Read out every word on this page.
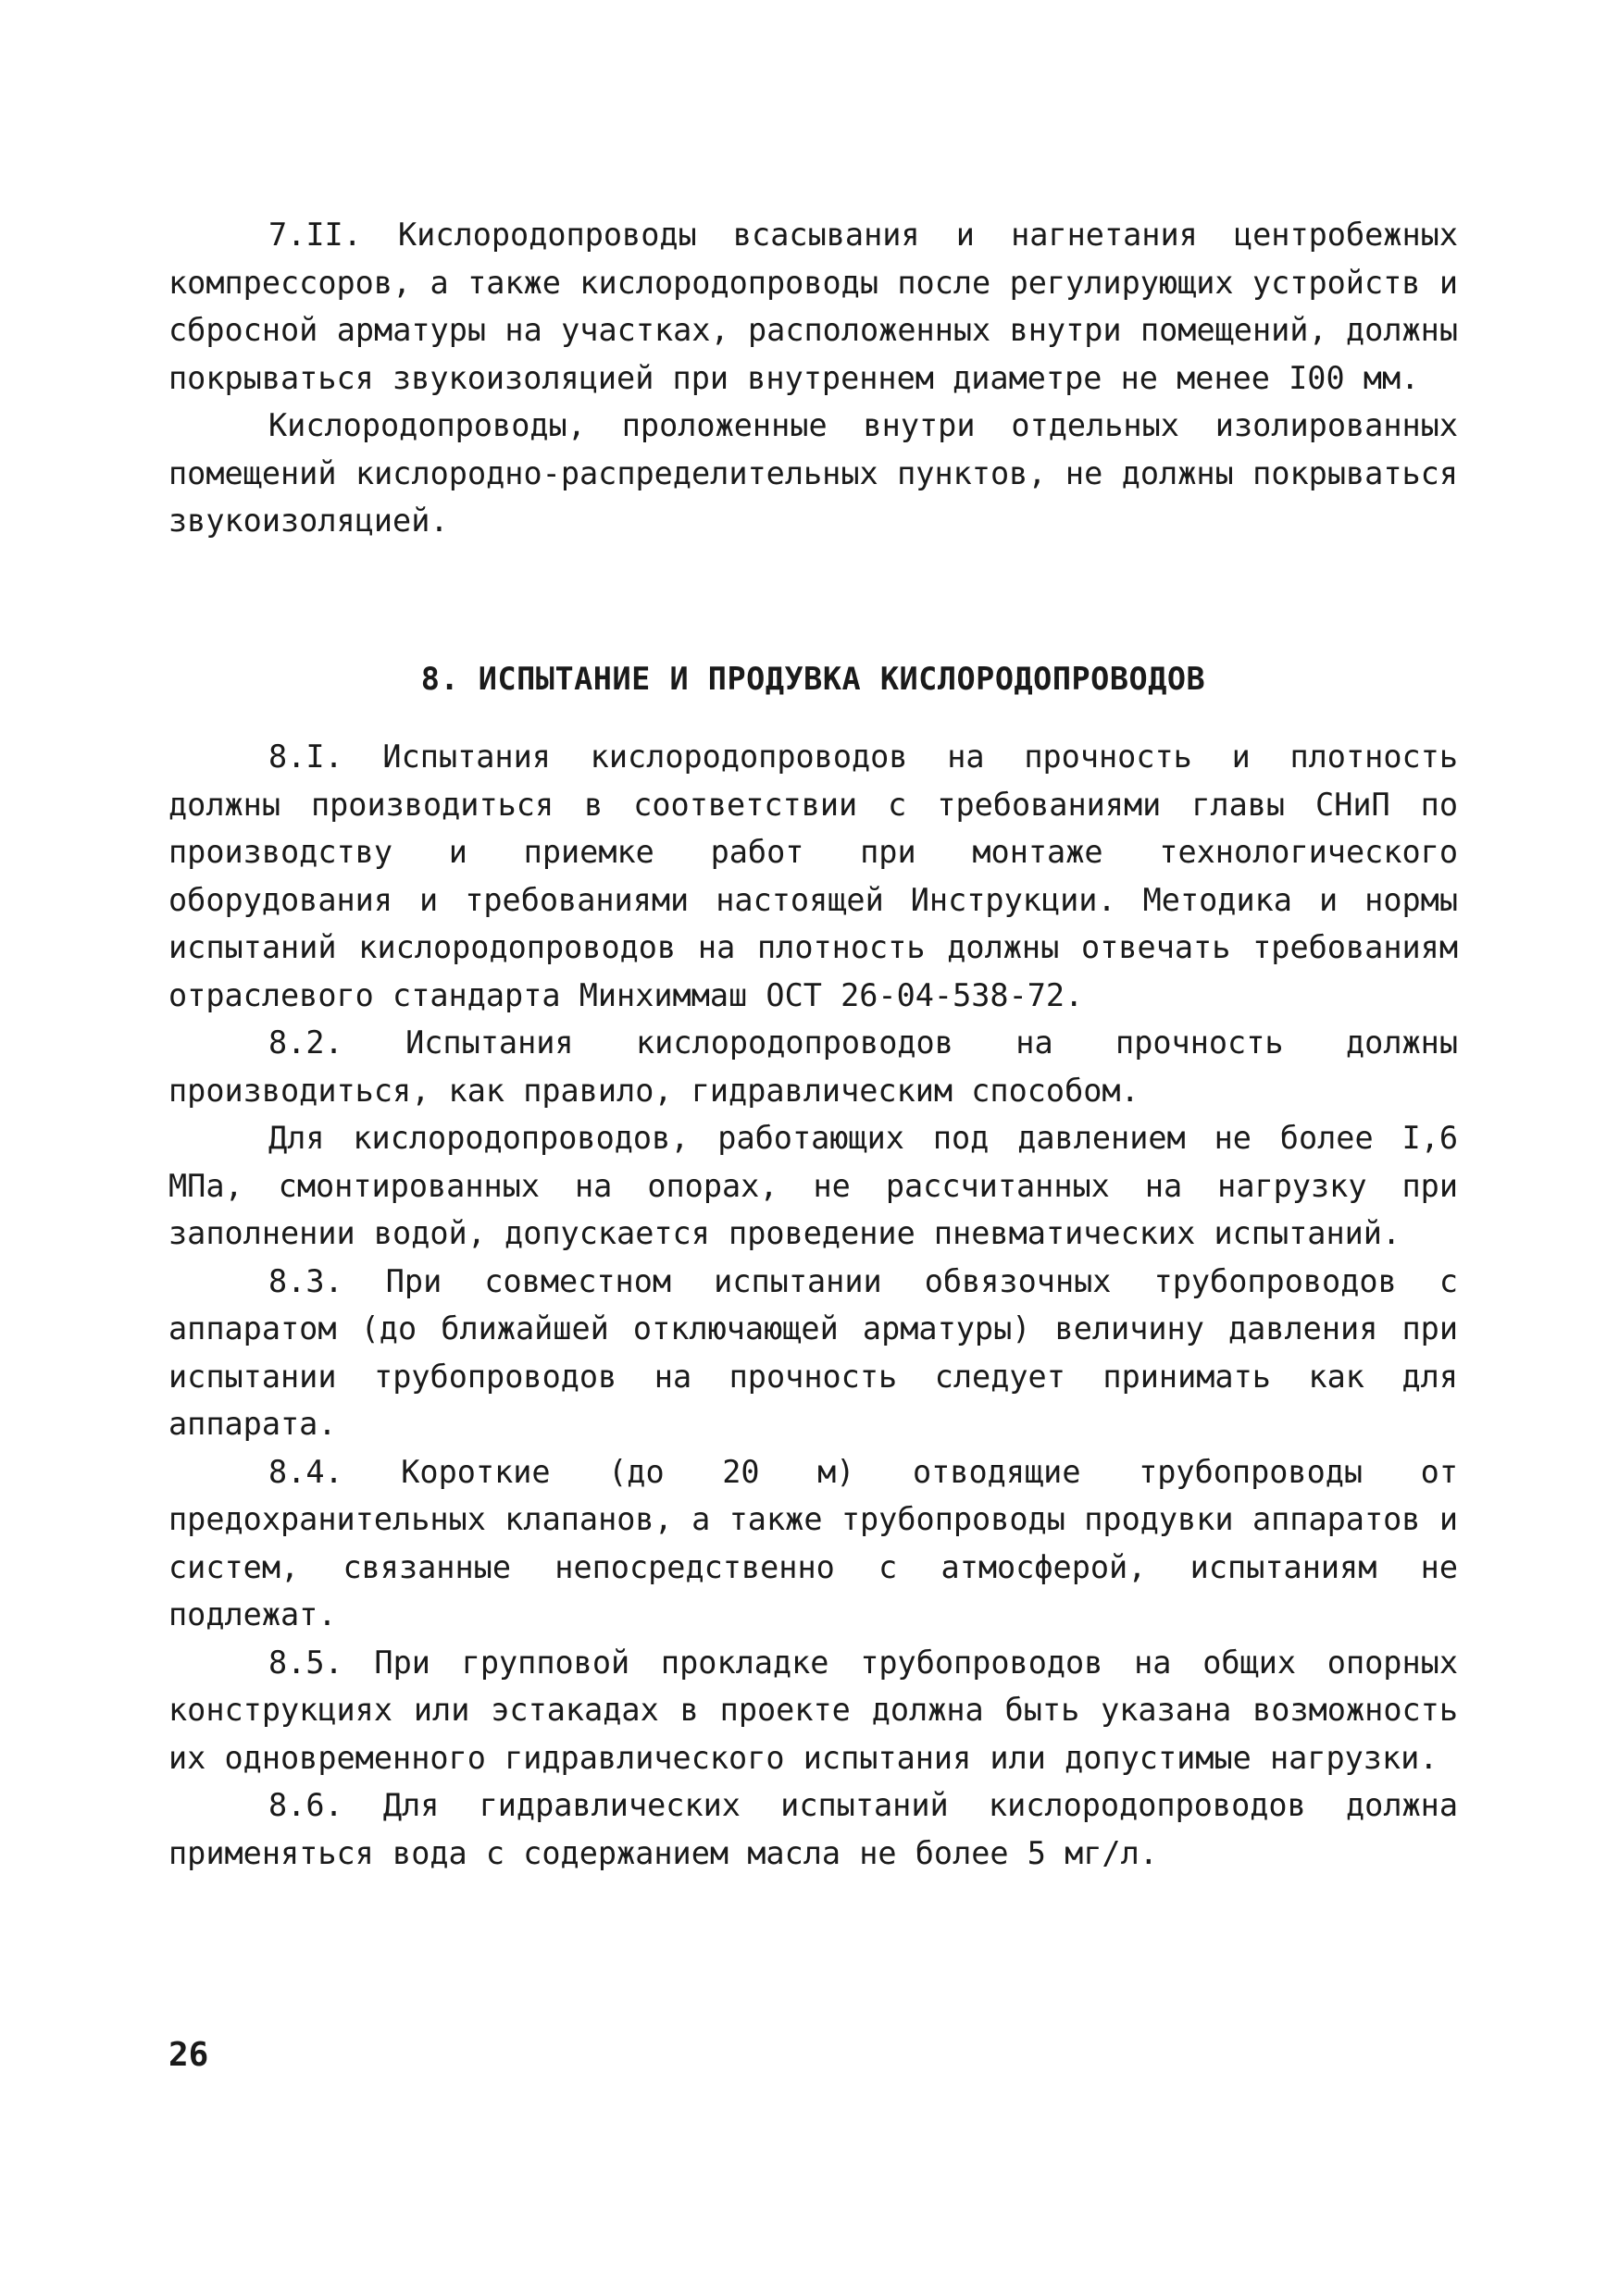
7.II. Кислородопроводы всасывания и нагнетания центробежных компрессоров, а также кислородопроводы после регулирующих устройств и сбросной арматуры на участках, расположенных внутри помещений, должны покрываться звукоизоляцией при внутреннем диаметре не менее I00 мм.

Кислородопроводы, проложенные внутри отдельных изолированных помещений кислородно-распределительных пунктов, не должны покрываться звукоизоляцией.

8. ИСПЫТАНИЕ И ПРОДУВКА КИСЛОРОДОПРОВОДОВ

8.I. Испытания кислородопроводов на прочность и плотность должны производиться в соответствии с требованиями главы СНиП по производству и приемке работ при монтаже технологического оборудования и требованиями настоящей Инструкции. Методика и нормы испытаний кислородопроводов на плотность должны отвечать требованиям отраслевого стандарта Минхиммаш ОСТ 26-04-538-72.

8.2. Испытания кислородопроводов на прочность должны производиться, как правило, гидравлическим способом.

Для кислородопроводов, работающих под давлением не более I,6 МПа, смонтированных на опорах, не рассчитанных на нагрузку при заполнении водой, допускается проведение пневматических испытаний.

8.3. При совместном испытании обвязочных трубопроводов с аппаратом (до ближайшей отключающей арматуры) величину давления при испытании трубопроводов на прочность следует принимать как для аппарата.

8.4. Короткие (до 20 м) отводящие трубопроводы от предохранительных клапанов, а также трубопроводы продувки аппаратов и систем, связанные непосредственно с атмосферой, испытаниям не подлежат.

8.5. При групповой прокладке трубопроводов на общих опорных конструкциях или эстакадах в проекте должна быть указана возможность их одновременного гидравлического испытания или допустимые нагрузки.

8.6. Для гидравлических испытаний кислородопроводов должна применяться вода с содержанием масла не более 5 мг/л.

26
